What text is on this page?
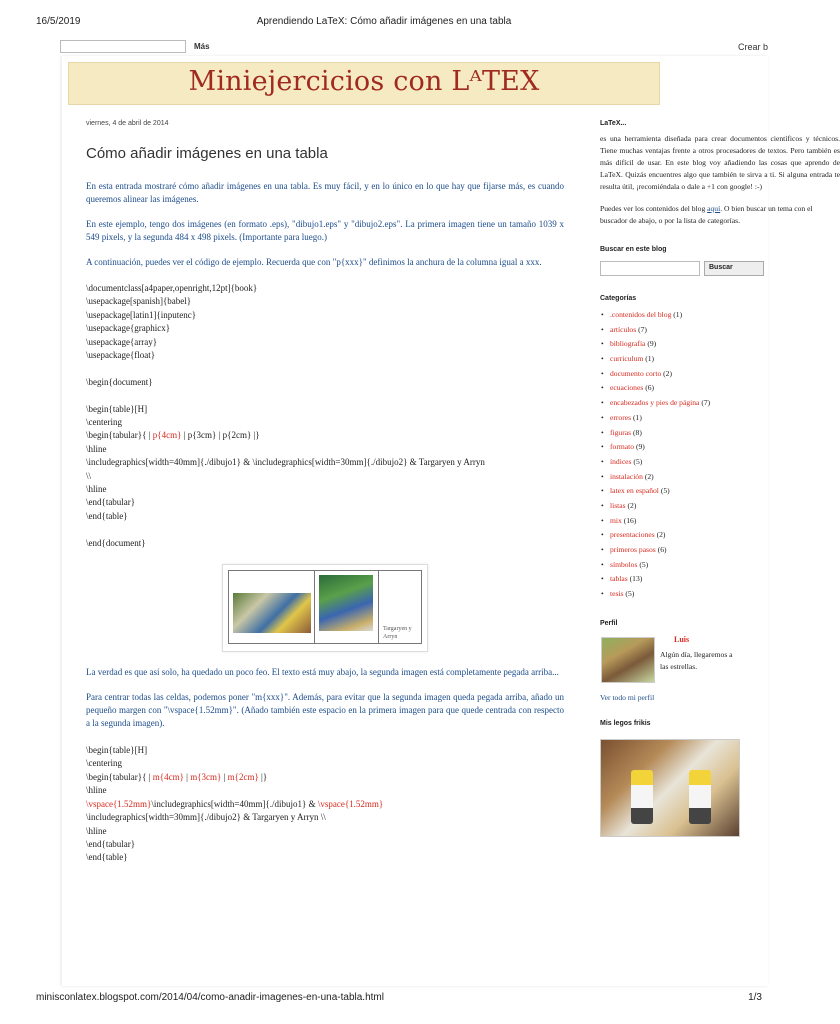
16/5/2019	Aprendiendo LaTeX: Cómo añadir imágenes en una tabla
Más	Crear b
Miniejercicios con LᴬTEX
viernes, 4 de abril de 2014
Cómo añadir imágenes en una tabla

En esta entrada mostraré cómo añadir imágenes en una tabla. Es muy fácil, y en lo único en lo que hay que fijarse más, es cuando queremos alinear las imágenes.

En este ejemplo, tengo dos imágenes (en formato .eps), "dibujo1.eps" y "dibujo2.eps". La primera imagen tiene un tamaño 1039 x 549 pixels, y la segunda 484 x 498 pixels. (Importante para luego.)

A continuación, puedes ver el código de ejemplo. Recuerda que con "p{xxx}" definimos la anchura de la columna igual a xxx.

\documentclass[a4paper,openright,12pt]{book}
\usepackage[spanish]{babel}
\usepackage[latin1]{inputenc}
\usepackage{graphicx}
\usepackage{array}
\usepackage{float}
\begin{document}
\begin{table}[H]
\centering
\begin{tabular}{ | p{4cm} | p{3cm} | p{2cm} |}
\hline
\includegraphics[width=40mm]{./dibujo1} & \includegraphics[width=30mm]{./dibujo2} & Targaryen y Arryn
\\
\hline
\end{tabular}
\end{table}
\end{document}
Targaryen y Arryn

La verdad es que así solo, ha quedado un poco feo. El texto está muy abajo, la segunda imagen está completamente pegada arriba...

Para centrar todas las celdas, podemos poner "m{xxx}". Además, para evitar que la segunda imagen queda pegada arriba, añado un pequeño margen con "\vspace{1.52mm}". (Añado también este espacio en la primera imagen para que quede centrada con respecto a la segunda imagen).

\begin{table}[H]
\centering
\begin{tabular}{ | m{4cm} | m{3cm} | m{2cm} |}
\hline
\vspace{1.52mm}\includegraphics[width=40mm]{./dibujo1} & \vspace{1.52mm}
\includegraphics[width=30mm]{./dibujo2} & Targaryen y Arryn \\
\hline
\end{tabular}
\end{table}
LaTeX...

es una herramienta diseñada para crear documentos científicos y técnicos. Tiene muchas ventajas frente a otros procesadores de textos. Pero también es más difícil de usar. En este blog voy añadiendo las cosas que aprendo de LaTeX. Quizás encuentres algo que también te sirva a ti. Si alguna entrada te resulta útil, ¡recomiéndala o dale a +1 con google! :-)

Puedes ver los contenidos del blog aquí. O bien buscar un tema con el buscador de abajo, o por la lista de categorías.

Buscar en este blog
Buscar
Categorías
• .contenidos del blog (1)
• artículos (7)
• bibliografía (9)
• curriculum (1)
• documento corto (2)
• ecuaciones (6)
• encabezados y pies de página (7)
• errores (1)
• figuras (8)
• formato (9)
• índices (5)
• instalación (2)
• latex en español (5)
• listas (2)
• mix (16)
• presentaciones (2)
• primeros pasos (6)
• símbolos (5)
• tablas (13)
• tesis (5)
Perfil
Luis
Algún día, llegaremos a las estrellas.
Ver todo mi perfil
Mis legos frikis
minisconlatex.blogspot.com/2014/04/como-anadir-imagenes-en-una-tabla.html	1/3
